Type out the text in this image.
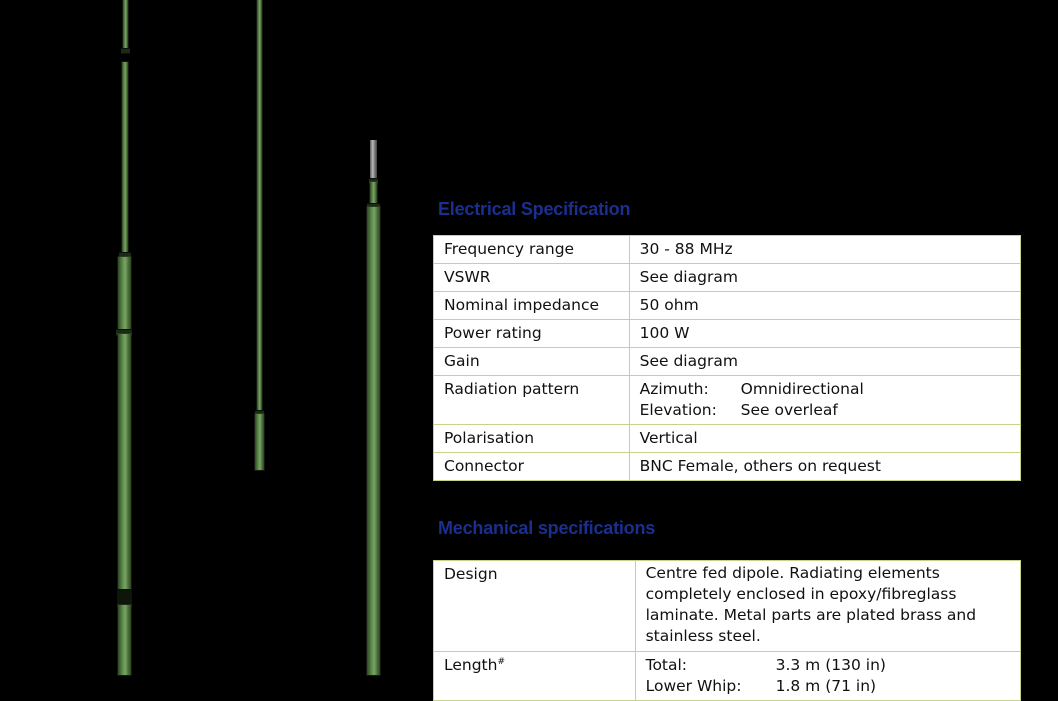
Electrical Specification
Frequency range	30 - 88 MHz
VSWR	See diagram
Nominal impedance	50 ohm
Power rating	100 W
Gain	See diagram
Radiation pattern	Azimuth: Omnidirectional
Elevation: See overleaf

Polarisation	Vertical
Connector	BNC Female, others on request
Mechanical specifications
Design	Centre fed dipole. Radiating elements completely enclosed in epoxy/fibreglass laminate. Metal parts are plated brass and stainless steel.
Length#	Total: 3.3 m (130 in)
Lower Whip: 1.8 m (71 in)
